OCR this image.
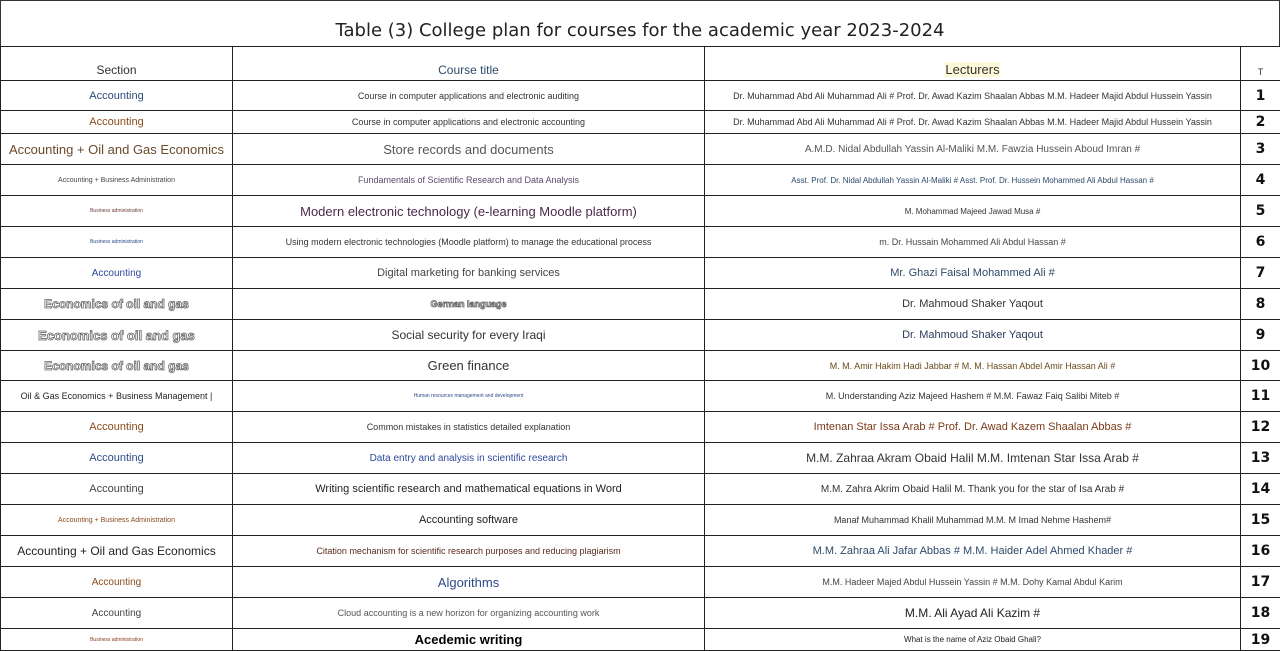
Table (3) College plan for courses for the academic year 2023-2024
Section	Course title	Lecturers	T
Accounting	Course in computer applications and electronic auditing	Dr. Muhammad Abd Ali Muhammad Ali # Prof. Dr. Awad Kazim Shaalan Abbas M.M. Hadeer Majid Abdul Hussein Yassin	1
Accounting	Course in computer applications and electronic accounting	Dr. Muhammad Abd Ali Muhammad Ali # Prof. Dr. Awad Kazim Shaalan Abbas M.M. Hadeer Majid Abdul Hussein Yassin	2
Accounting + Oil and Gas Economics	Store records and documents	A.M.D. Nidal Abdullah Yassin Al-Maliki M.M. Fawzia Hussein Aboud Imran #	3
Accounting + Business Administration	Fundamentals of Scientific Research and Data Analysis	Asst. Prof. Dr. Nidal Abdullah Yassin Al-Maliki # Asst. Prof. Dr. Hussein Mohammed Ali Abdul Hassan #	4
Business administration	Modern electronic technology (e-learning Moodle platform)	M. Mohammad Majeed Jawad Musa #	5
Business administration	Using modern electronic technologies (Moodle platform) to manage the educational process	m. Dr. Hussain Mohammed Ali Abdul Hassan #	6
Accounting	Digital marketing for banking services	Mr. Ghazi Faisal Mohammed Ali #	7
Economics of oil and gas	German language	Dr. Mahmoud Shaker Yaqout	8
Economics of oil and gas	Social security for every Iraqi	Dr. Mahmoud Shaker Yaqout	9
Economics of oil and gas	Green finance	M. M. Amir Hakim Hadi Jabbar # M. M. Hassan Abdel Amir Hassan Ali #	10
Oil & Gas Economics + Business Management |	Human resources management and development	M. Understanding Aziz Majeed Hashem # M.M. Fawaz Faiq Salibi Miteb #	11
Accounting	Common mistakes in statistics detailed explanation	Imtenan Star Issa Arab # Prof. Dr. Awad Kazem Shaalan Abbas #	12
Accounting	Data entry and analysis in scientific research	M.M. Zahraa Akram Obaid Halil M.M. Imtenan Star Issa Arab #	13
Accounting	Writing scientific research and mathematical equations in Word	M.M. Zahra Akrim Obaid Halil M. Thank you for the star of Isa Arab #	14
Accounting + Business Administration	Accounting software	Manaf Muhammad Khalil Muhammad M.M. M Imad Nehme Hashem#	15
Accounting + Oil and Gas Economics	Citation mechanism for scientific research purposes and reducing plagiarism	M.M. Zahraa Ali Jafar Abbas # M.M. Haider Adel Ahmed Khader #	16
Accounting	Algorithms	M.M. Hadeer Majed Abdul Hussein Yassin # M.M. Dohy Kamal Abdul Karim	17
Accounting	Cloud accounting is a new horizon for organizing accounting work	M.M. Ali Ayad Ali Kazim #	18
Business administration	Acedemic writing	What is the name of Aziz Obaid Ghali?	19
